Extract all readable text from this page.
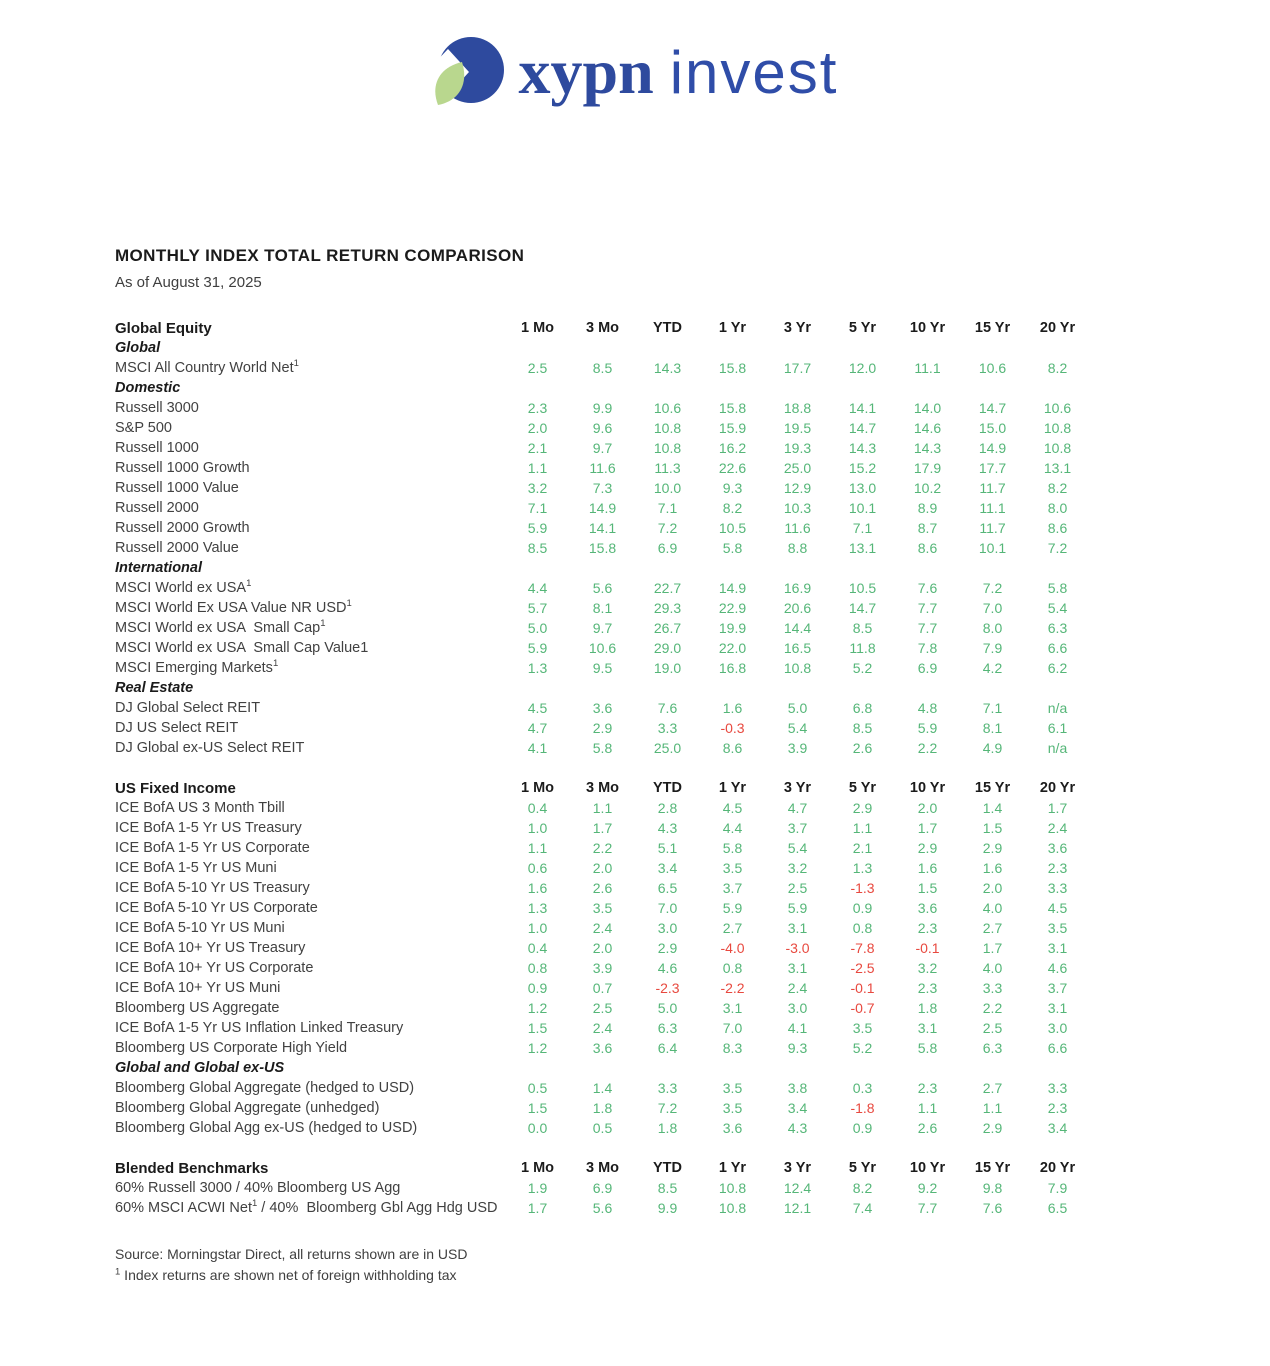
xypn invest
MONTHLY INDEX TOTAL RETURN COMPARISON
As of August 31, 2025
Global Equity	1 Mo	3 Mo	YTD	1 Yr	3 Yr	5 Yr	10 Yr	15 Yr	20 Yr
Global
MSCI All Country World Net$^1$	2.5	8.5	14.3	15.8	17.7	12.0	11.1	10.6	8.2
Domestic
Russell 3000	2.3	9.9	10.6	15.8	18.8	14.1	14.0	14.7	10.6
S&P 500	2.0	9.6	10.8	15.9	19.5	14.7	14.6	15.0	10.8
Russell 1000	2.1	9.7	10.8	16.2	19.3	14.3	14.3	14.9	10.8
Russell 1000 Growth	1.1	11.6	11.3	22.6	25.0	15.2	17.9	17.7	13.1
Russell 1000 Value	3.2	7.3	10.0	9.3	12.9	13.0	10.2	11.7	8.2
Russell 2000	7.1	14.9	7.1	8.2	10.3	10.1	8.9	11.1	8.0
Russell 2000 Growth	5.9	14.1	7.2	10.5	11.6	7.1	8.7	11.7	8.6
Russell 2000 Value	8.5	15.8	6.9	5.8	8.8	13.1	8.6	10.1	7.2
International
MSCI World ex USA$^1$	4.4	5.6	22.7	14.9	16.9	10.5	7.6	7.2	5.8
MSCI World Ex USA Value NR USD$^1$	5.7	8.1	29.3	22.9	20.6	14.7	7.7	7.0	5.4
MSCI World ex USA  Small Cap$^1$	5.0	9.7	26.7	19.9	14.4	8.5	7.7	8.0	6.3
MSCI World ex USA  Small Cap Value1	5.9	10.6	29.0	22.0	16.5	11.8	7.8	7.9	6.6
MSCI Emerging Markets$^1$	1.3	9.5	19.0	16.8	10.8	5.2	6.9	4.2	6.2
Real Estate
DJ Global Select REIT	4.5	3.6	7.6	1.6	5.0	6.8	4.8	7.1	n/a
DJ US Select REIT	4.7	2.9	3.3	-0.3	5.4	8.5	5.9	8.1	6.1
DJ Global ex-US Select REIT	4.1	5.8	25.0	8.6	3.9	2.6	2.2	4.9	n/a
US Fixed Income	1 Mo	3 Mo	YTD	1 Yr	3 Yr	5 Yr	10 Yr	15 Yr	20 Yr
ICE BofA US 3 Month Tbill	0.4	1.1	2.8	4.5	4.7	2.9	2.0	1.4	1.7
ICE BofA 1-5 Yr US Treasury	1.0	1.7	4.3	4.4	3.7	1.1	1.7	1.5	2.4
ICE BofA 1-5 Yr US Corporate	1.1	2.2	5.1	5.8	5.4	2.1	2.9	2.9	3.6
ICE BofA 1-5 Yr US Muni	0.6	2.0	3.4	3.5	3.2	1.3	1.6	1.6	2.3
ICE BofA 5-10 Yr US Treasury	1.6	2.6	6.5	3.7	2.5	-1.3	1.5	2.0	3.3
ICE BofA 5-10 Yr US Corporate	1.3	3.5	7.0	5.9	5.9	0.9	3.6	4.0	4.5
ICE BofA 5-10 Yr US Muni	1.0	2.4	3.0	2.7	3.1	0.8	2.3	2.7	3.5
ICE BofA 10+ Yr US Treasury	0.4	2.0	2.9	-4.0	-3.0	-7.8	-0.1	1.7	3.1
ICE BofA 10+ Yr US Corporate	0.8	3.9	4.6	0.8	3.1	-2.5	3.2	4.0	4.6
ICE BofA 10+ Yr US Muni	0.9	0.7	-2.3	-2.2	2.4	-0.1	2.3	3.3	3.7
Bloomberg US Aggregate	1.2	2.5	5.0	3.1	3.0	-0.7	1.8	2.2	3.1
ICE BofA 1-5 Yr US Inflation Linked Treasury	1.5	2.4	6.3	7.0	4.1	3.5	3.1	2.5	3.0
Bloomberg US Corporate High Yield	1.2	3.6	6.4	8.3	9.3	5.2	5.8	6.3	6.6
Global and Global ex-US
Bloomberg Global Aggregate (hedged to USD)	0.5	1.4	3.3	3.5	3.8	0.3	2.3	2.7	3.3
Bloomberg Global Aggregate (unhedged)	1.5	1.8	7.2	3.5	3.4	-1.8	1.1	1.1	2.3
Bloomberg Global Agg ex-US (hedged to USD)	0.0	0.5	1.8	3.6	4.3	0.9	2.6	2.9	3.4
Blended Benchmarks	1 Mo	3 Mo	YTD	1 Yr	3 Yr	5 Yr	10 Yr	15 Yr	20 Yr
60% Russell 3000 / 40% Bloomberg US Agg	1.9	6.9	8.5	10.8	12.4	8.2	9.2	9.8	7.9
60% MSCI ACWI Net$^1$ / 40%  Bloomberg Gbl Agg Hdg USD	1.7	5.6	9.9	10.8	12.1	7.4	7.7	7.6	6.5
Source: Morningstar Direct, all returns shown are in USD
$^1$ Index returns are shown net of foreign withholding tax
